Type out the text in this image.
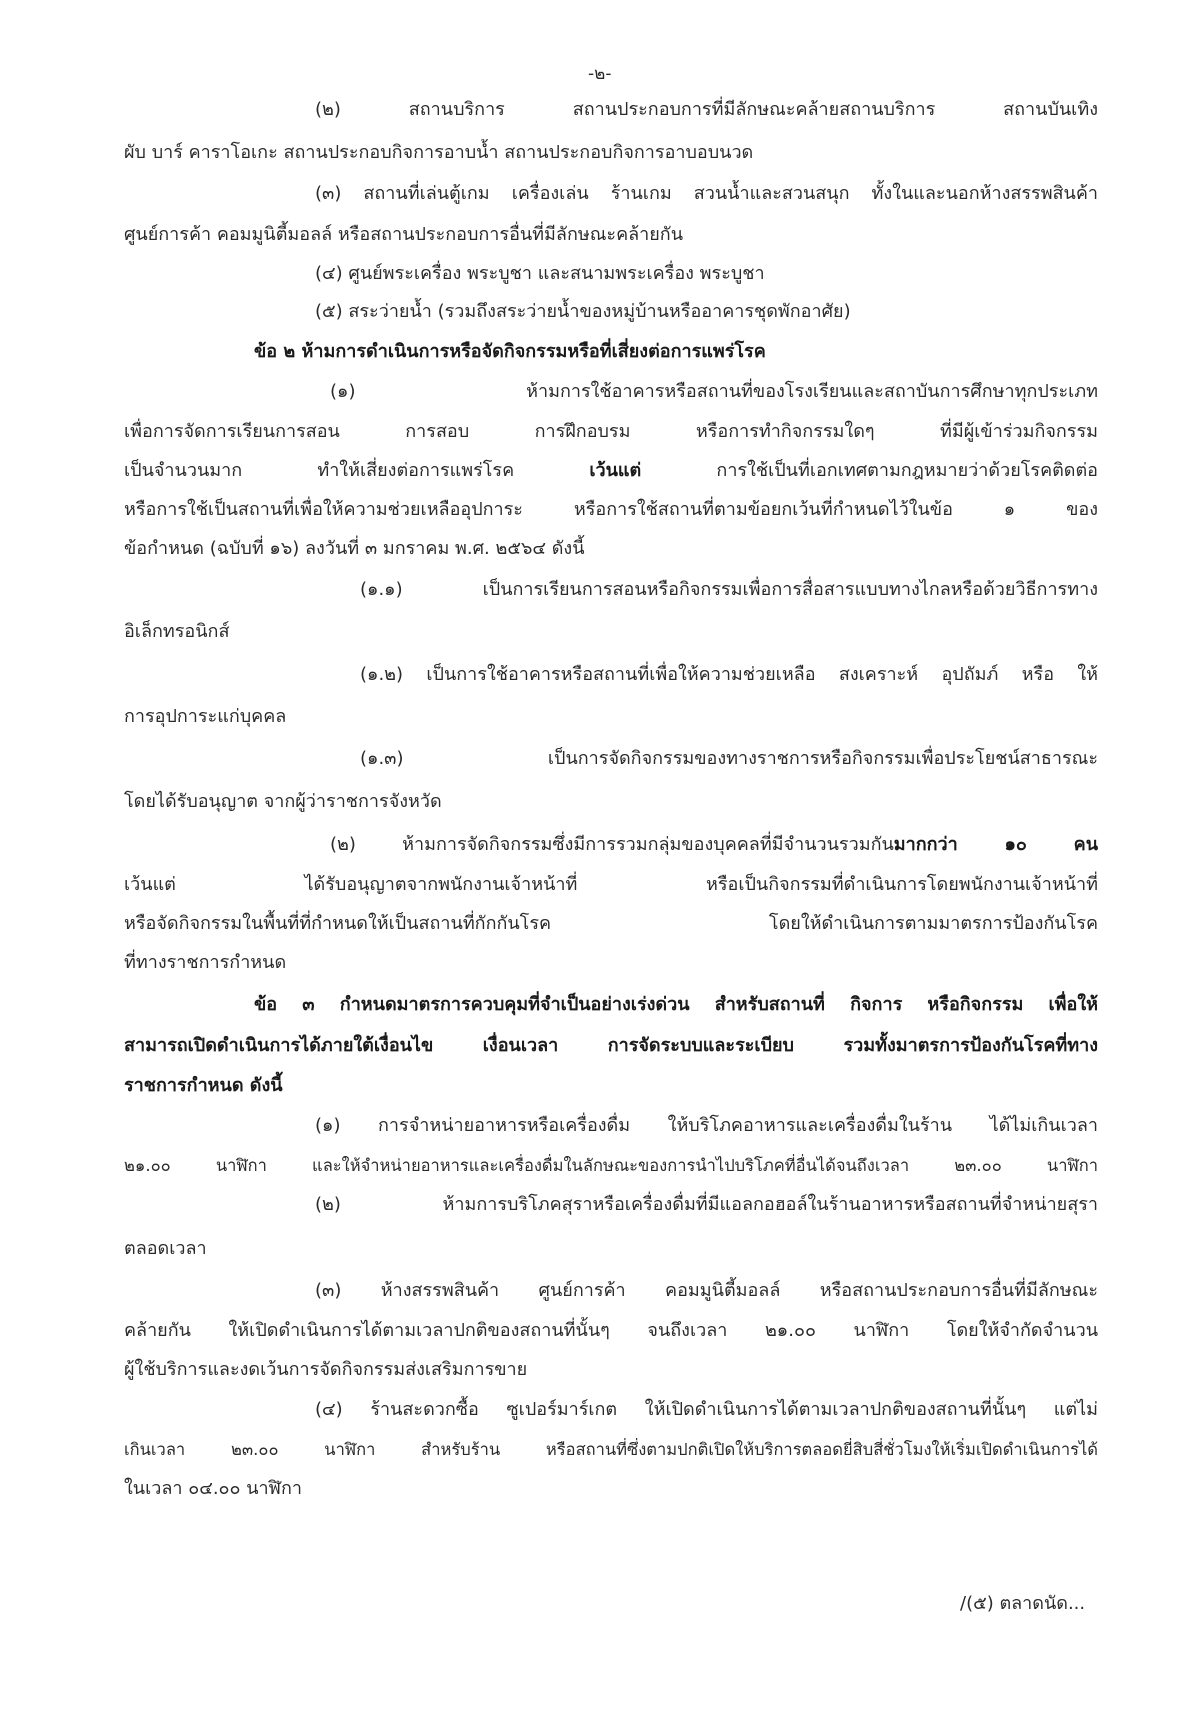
-๒-
(๒) สถานบริการ สถานประกอบการที่มีลักษณะคล้ายสถานบริการ สถานบันเทิง
ผับ บาร์ คาราโอเกะ สถานประกอบกิจการอาบน้ำ สถานประกอบกิจการอาบอบนวด
(๓) สถานที่เล่นตู้เกม เครื่องเล่น ร้านเกม สวนน้ำและสวนสนุก ทั้งในและนอกห้างสรรพสินค้า
ศูนย์การค้า คอมมูนิตี้มอลล์ หรือสถานประกอบการอื่นที่มีลักษณะคล้ายกัน
(๔) ศูนย์พระเครื่อง พระบูชา และสนามพระเครื่อง พระบูชา
(๕) สระว่ายน้ำ (รวมถึงสระว่ายน้ำของหมู่บ้านหรืออาคารชุดพักอาศัย)
ข้อ ๒ ห้ามการดำเนินการหรือจัดกิจกรรมหรือที่เสี่ยงต่อการแพร่โรค
(๑) ห้ามการใช้อาคารหรือสถานที่ของโรงเรียนและสถาบันการศึกษาทุกประเภท
เพื่อการจัดการเรียนการสอน การสอบ การฝึกอบรม หรือการทำกิจกรรมใดๆ ที่มีผู้เข้าร่วมกิจกรรม
เป็นจำนวนมาก ทำให้เสี่ยงต่อการแพร่โรค เว้นแต่ การใช้เป็นที่เอกเทศตามกฎหมายว่าด้วยโรคติดต่อ
หรือการใช้เป็นสถานที่เพื่อให้ความช่วยเหลืออุปการะ หรือการใช้สถานที่ตามข้อยกเว้นที่กำหนดไว้ในข้อ ๑ ของ
ข้อกำหนด (ฉบับที่ ๑๖) ลงวันที่ ๓ มกราคม พ.ศ. ๒๕๖๔ ดังนี้
(๑.๑) เป็นการเรียนการสอนหรือกิจกรรมเพื่อการสื่อสารแบบทางไกลหรือด้วยวิธีการทาง
อิเล็กทรอนิกส์
(๑.๒) เป็นการใช้อาคารหรือสถานที่เพื่อให้ความช่วยเหลือ สงเคราะห์ อุปถัมภ์ หรือ ให้
การอุปการะแก่บุคคล
(๑.๓) เป็นการจัดกิจกรรมของทางราชการหรือกิจกรรมเพื่อประโยชน์สาธารณะ
โดยได้รับอนุญาต จากผู้ว่าราชการจังหวัด
(๒) ห้ามการจัดกิจกรรมซึ่งมีการรวมกลุ่มของบุคคลที่มีจำนวนรวมกันมากกว่า ๑๐ คน
เว้นแต่ ได้รับอนุญาตจากพนักงานเจ้าหน้าที่ หรือเป็นกิจกรรมที่ดำเนินการโดยพนักงานเจ้าหน้าที่
หรือจัดกิจกรรมในพื้นที่ที่กำหนดให้เป็นสถานที่กักกันโรค โดยให้ดำเนินการตามมาตรการป้องกันโรค
ที่ทางราชการกำหนด
ข้อ ๓ กำหนดมาตรการควบคุมที่จำเป็นอย่างเร่งด่วน สำหรับสถานที่ กิจการ หรือกิจกรรม เพื่อให้
สามารถเปิดดำเนินการได้ภายใต้เงื่อนไข เงื่อนเวลา การจัดระบบและระเบียบ รวมทั้งมาตรการป้องกันโรคที่ทาง
ราชการกำหนด ดังนี้
(๑) การจำหน่ายอาหารหรือเครื่องดื่ม ให้บริโภคอาหารและเครื่องดื่มในร้าน ได้ไม่เกินเวลา
๒๑.๐๐ นาฬิกา และให้จำหน่ายอาหารและเครื่องดื่มในลักษณะของการนำไปบริโภคที่อื่นได้จนถึงเวลา ๒๓.๐๐ นาฬิกา
(๒) ห้ามการบริโภคสุราหรือเครื่องดื่มที่มีแอลกอฮอล์ในร้านอาหารหรือสถานที่จำหน่ายสุรา
ตลอดเวลา
(๓) ห้างสรรพสินค้า ศูนย์การค้า คอมมูนิตี้มอลล์ หรือสถานประกอบการอื่นที่มีลักษณะ
คล้ายกัน ให้เปิดดำเนินการได้ตามเวลาปกติของสถานที่นั้นๆ จนถึงเวลา ๒๑.๐๐ นาฬิกา โดยให้จำกัดจำนวน
ผู้ใช้บริการและงดเว้นการจัดกิจกรรมส่งเสริมการขาย
(๔) ร้านสะดวกซื้อ ซูเปอร์มาร์เกต ให้เปิดดำเนินการได้ตามเวลาปกติของสถานที่นั้นๆ แต่ไม่
เกินเวลา ๒๓.๐๐ นาฬิกา สำหรับร้าน หรือสถานที่ซึ่งตามปกติเปิดให้บริการตลอดยี่สิบสี่ชั่วโมงให้เริ่มเปิดดำเนินการได้
ในเวลา ๐๔.๐๐ นาฬิกา
/(๕) ตลาดนัด...
